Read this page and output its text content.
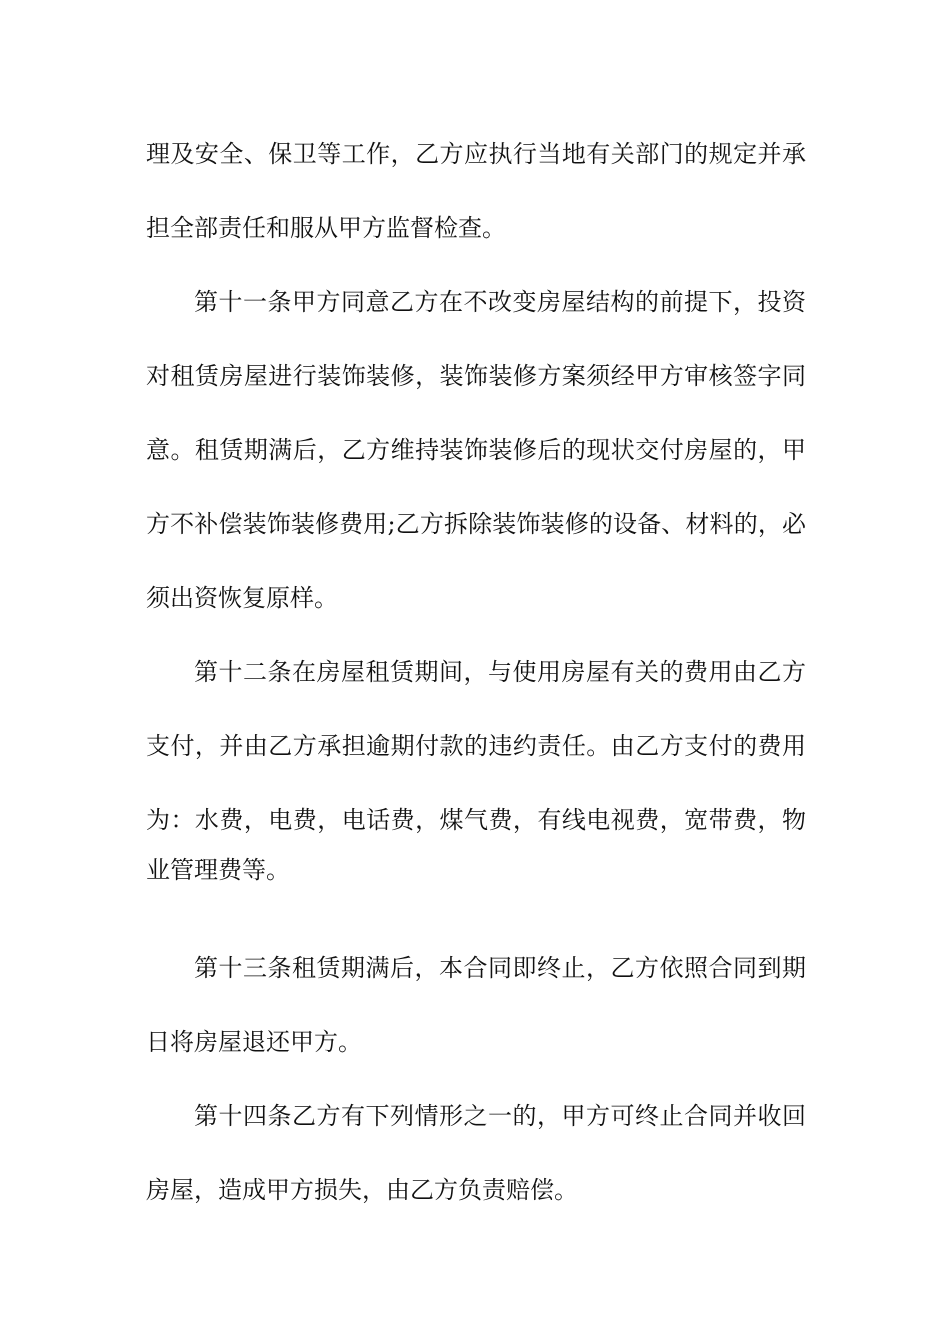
理及安全、保卫等工作，乙方应执行当地有关部门的规定并承
担全部责任和服从甲方监督检查。
第十一条甲方同意乙方在不改变房屋结构的前提下，投资
对租赁房屋进行装饰装修，装饰装修方案须经甲方审核签字同
意。租赁期满后，乙方维持装饰装修后的现状交付房屋的，甲
方不补偿装饰装修费用;乙方拆除装饰装修的设备、材料的，必
须出资恢复原样。
第十二条在房屋租赁期间，与使用房屋有关的费用由乙方
支付，并由乙方承担逾期付款的违约责任。由乙方支付的费用
为：水费，电费，电话费，煤气费，有线电视费，宽带费，物
业管理费等。
第十三条租赁期满后，本合同即终止，乙方依照合同到期
日将房屋退还甲方。
第十四条乙方有下列情形之一的，甲方可终止合同并收回
房屋，造成甲方损失，由乙方负责赔偿。
